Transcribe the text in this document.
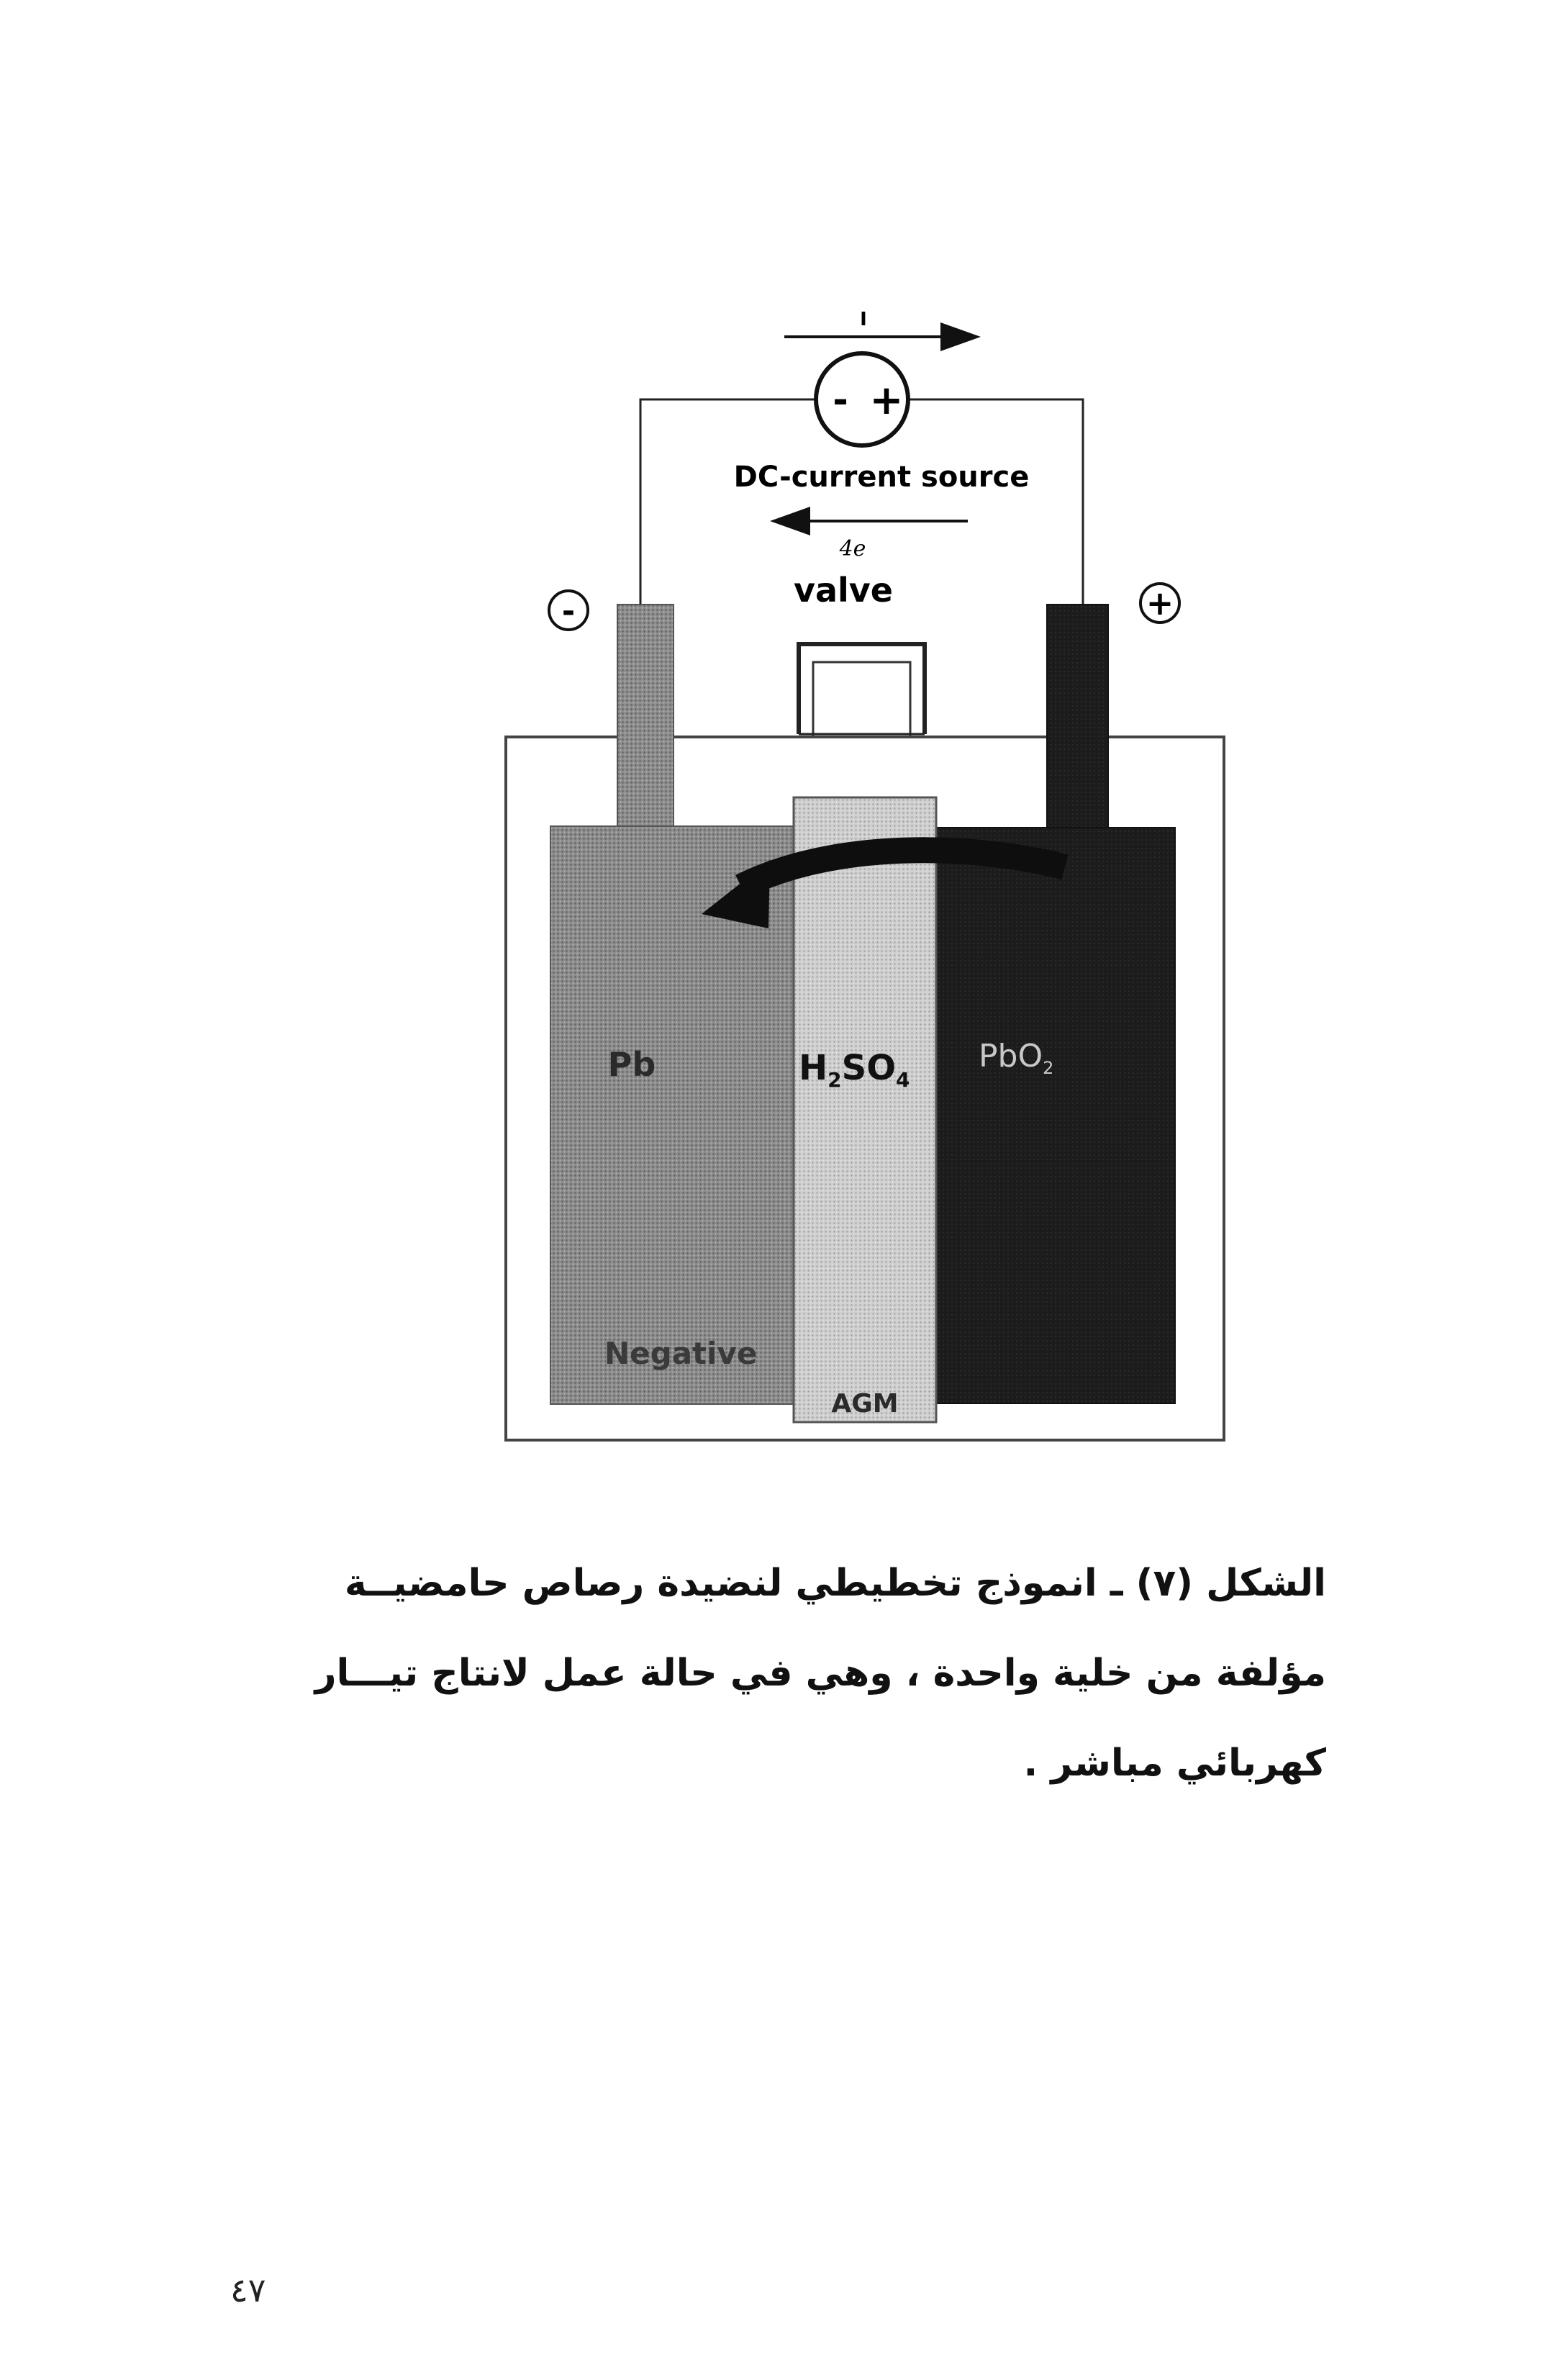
I
- +
DC-current source
4e
valve
-	+
Pb	$H_2SO_4$
PbO$_2$
Negative
AGM
الشكل (٧) ـ انموذج تخطيطي لنضيدة رصاص حامضيــة
مؤلفة من خلية واحدة ، وهي في حالة عمل لانتاج تيـــار
كهربائي مباشر .
٤٧
